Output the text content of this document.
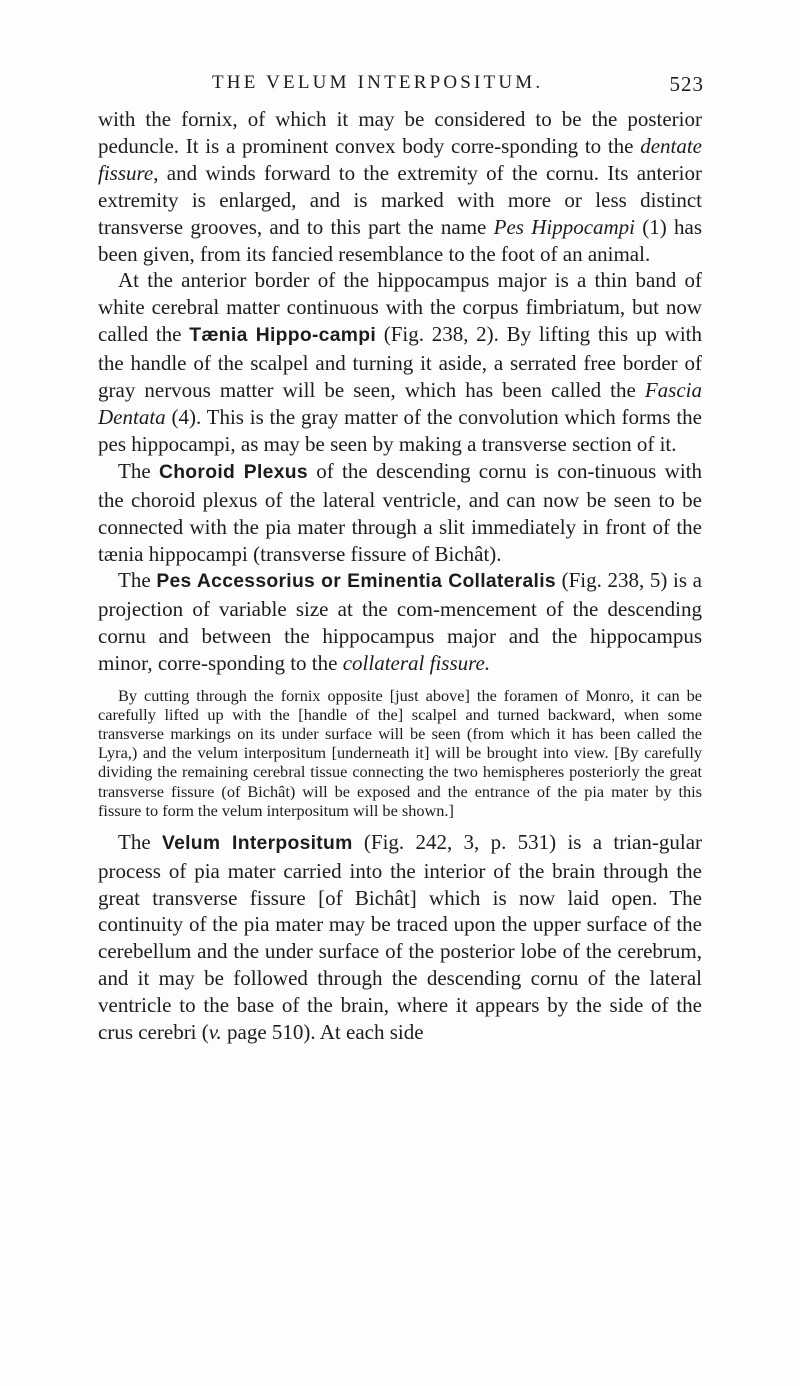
THE VELUM INTERPOSITUM.	523

with the fornix, of which it may be considered to be the posterior peduncle. It is a prominent convex body corre-sponding to the dentate fissure, and winds forward to the extremity of the cornu. Its anterior extremity is enlarged, and is marked with more or less distinct transverse grooves, and to this part the name Pes Hippocampi (1) has been given, from its fancied resemblance to the foot of an animal.

At the anterior border of the hippocampus major is a thin band of white cerebral matter continuous with the corpus fimbriatum, but now called the Tænia Hippo-campi (Fig. 238, 2). By lifting this up with the handle of the scalpel and turning it aside, a serrated free border of gray nervous matter will be seen, which has been called the Fascia Dentata (4). This is the gray matter of the convolution which forms the pes hippocampi, as may be seen by making a transverse section of it.

The Choroid Plexus of the descending cornu is con-tinuous with the choroid plexus of the lateral ventricle, and can now be seen to be connected with the pia mater through a slit immediately in front of the tænia hippocampi (transverse fissure of Bichât).

The Pes Accessorius or Eminentia Collateralis (Fig. 238, 5) is a projection of variable size at the com-mencement of the descending cornu and between the hippocampus major and the hippocampus minor, corre-sponding to the collateral fissure.

By cutting through the fornix opposite [just above] the foramen of Monro, it can be carefully lifted up with the [handle of the] scalpel and turned backward, when some transverse markings on its under surface will be seen (from which it has been called the Lyra,) and the velum interpositum [underneath it] will be brought into view. [By carefully dividing the remaining cerebral tissue connecting the two hemispheres posteriorly the great transverse fissure (of Bichât) will be exposed and the entrance of the pia mater by this fissure to form the velum interpositum will be shown.]

The Velum Interpositum (Fig. 242, 3, p. 531) is a trian-gular process of pia mater carried into the interior of the brain through the great transverse fissure [of Bichât] which is now laid open. The continuity of the pia mater may be traced upon the upper surface of the cerebellum and the under surface of the posterior lobe of the cerebrum, and it may be followed through the descending cornu of the lateral ventricle to the base of the brain, where it appears by the side of the crus cerebri (v. page 510). At each side
